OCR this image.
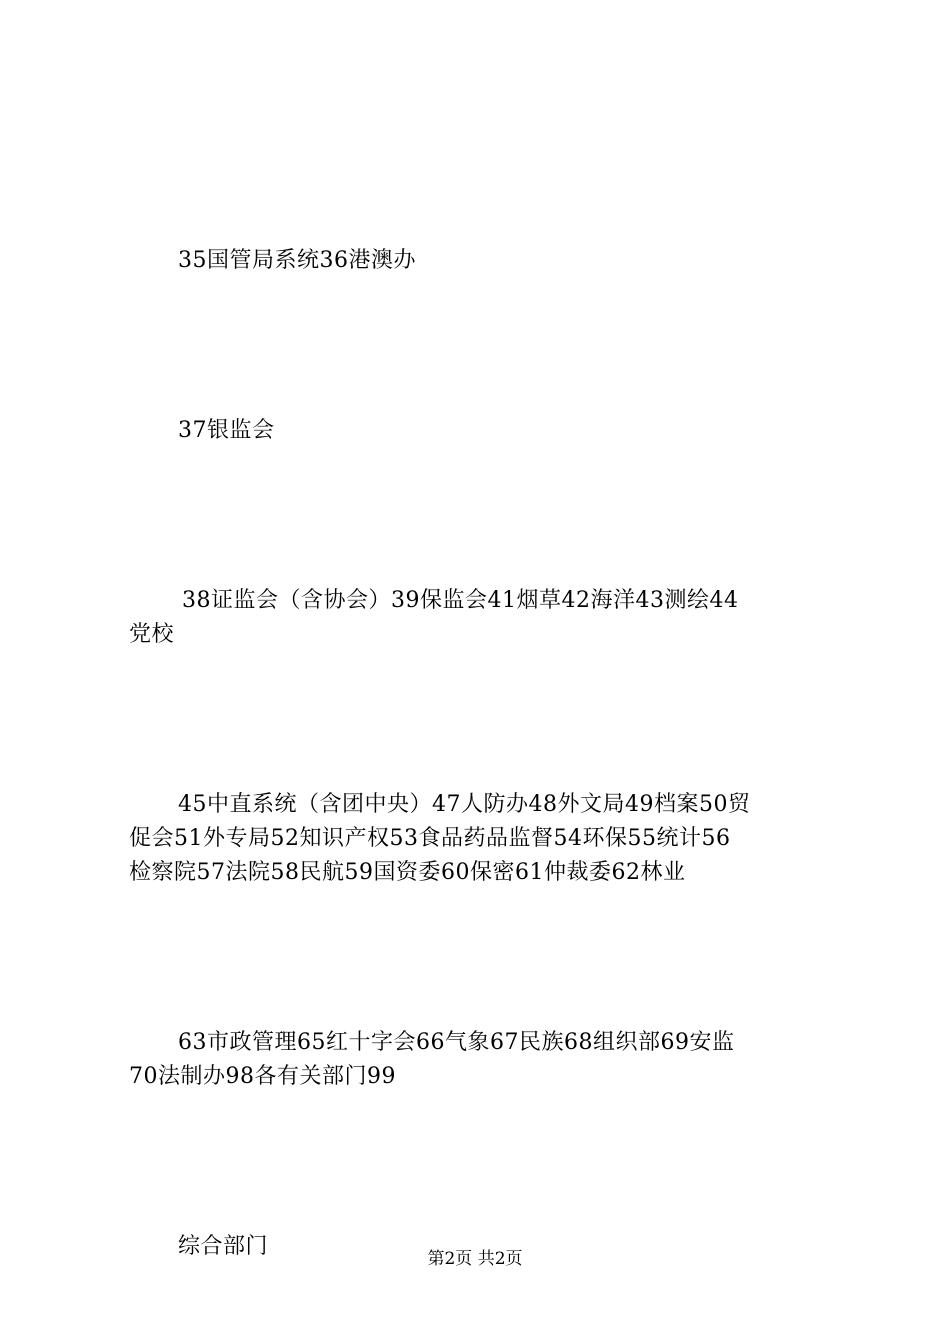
35国管局系统36港澳办

37银监会

38证监会（含协会）39保监会41烟草42海洋43测绘44
党校

45中直系统（含团中央）47人防办48外文局49档案50贸
促会51外专局52知识产权53食品药品监督54环保55统计56
检察院57法院58民航59国资委60保密61仲裁委62林业

63市政管理65红十字会66气象67民族68组织部69安监
70法制办98各有关部门99

综合部门

	第2页 共2页
